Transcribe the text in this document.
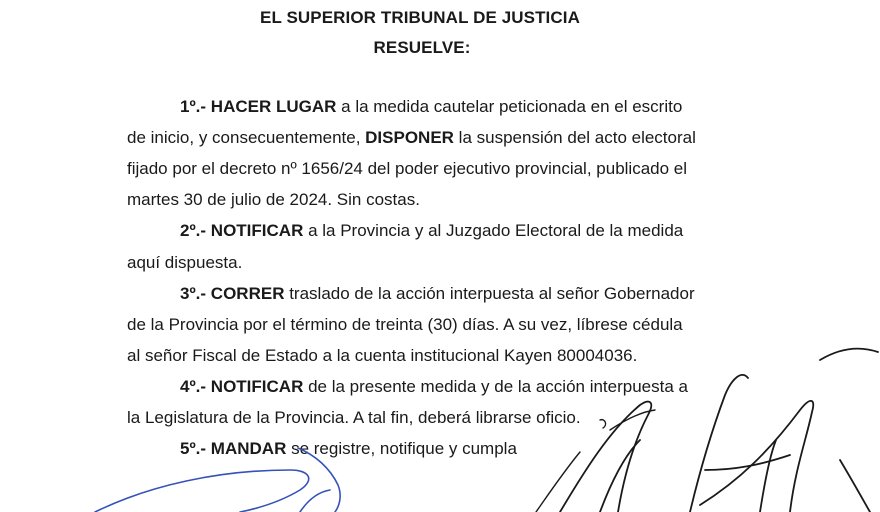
EL SUPERIOR TRIBUNAL DE JUSTICIA
RESUELVE:
1º.- HACER LUGAR a la medida cautelar peticionada en el escrito
de inicio, y consecuentemente, DISPONER la suspensión del acto electoral
fijado por el decreto nº 1656/24 del poder ejecutivo provincial, publicado el
martes 30 de julio de 2024. Sin costas.
2º.- NOTIFICAR a la Provincia y al Juzgado Electoral de la medida
aquí dispuesta.
3º.- CORRER traslado de la acción interpuesta al señor Gobernador
de la Provincia por el término de treinta (30) días. A su vez, líbrese cédula
al señor Fiscal de Estado a la cuenta institucional Kayen 80004036.
4º.- NOTIFICAR de la presente medida y de la acción interpuesta a
la Legislatura de la Provincia. A tal fin, deberá librarse oficio.
5º.- MANDAR se registre, notifique y cumpla
